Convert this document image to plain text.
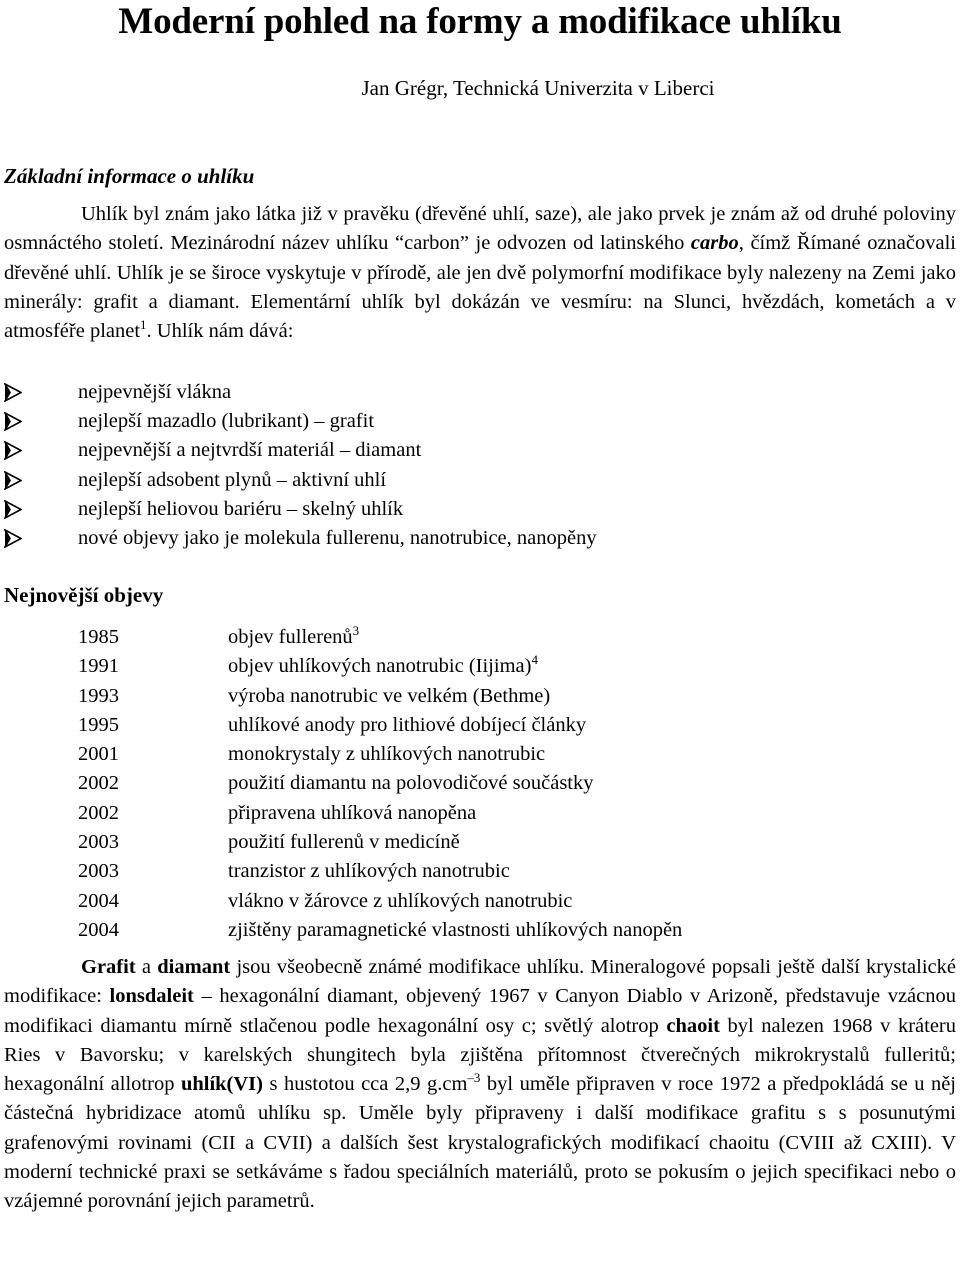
Moderní pohled na formy a modifikace uhlíku
Jan Grégr, Technická Univerzita v Liberci
Základní informace o uhlíku

Uhlík byl znám jako látka již v pravěku (dřevěné uhlí, saze), ale jako prvek je znám až od druhé poloviny osmnáctého století. Mezinárodní název uhlíku “carbon” je odvozen od latinského carbo, čímž Římané označovali dřevěné uhlí. Uhlík je se široce vyskytuje v přírodě, ale jen dvě polymorfní modifikace byly nalezeny na Zemi jako minerály: grafit a diamant. Elementární uhlík byl dokázán ve vesmíru: na Slunci, hvězdách, kometách a v atmosféře planet$^1$. Uhlík nám dává:

nejpevnější vlákna
nejlepší mazadlo (lubrikant) – grafit
nejpevnější a nejtvrdší materiál – diamant
nejlepší adsobent plynů – aktivní uhlí
nejlepší heliovou bariéru – skelný uhlík
nové objevy jako je molekula fullerenu, nanotrubice, nanopěny
Nejnovější objevy
1985	objev fullerenů$^3$
1991	objev uhlíkových nanotrubic (Iijima)$^4$
1993	výroba nanotrubic ve velkém (Bethme)
1995	uhlíkové anody pro lithiové dobíjecí články
2001	monokrystaly z uhlíkových nanotrubic
2002	použití diamantu na polovodičové součástky
2002	připravena uhlíková nanopěna
2003	použití fullerenů v medicíně
2003	tranzistor z uhlíkových nanotrubic
2004	vlákno v žárovce z uhlíkových nanotrubic
2004	zjištěny paramagnetické vlastnosti uhlíkových nanopěn

Grafit a diamant jsou všeobecně známé modifikace uhlíku. Mineralogové popsali ještě další krystalické modifikace: lonsdaleit – hexagonální diamant, objevený 1967 v Canyon Diablo v Arizoně, představuje vzácnou modifikaci diamantu mírně stlačenou podle hexagonální osy c; světlý alotrop chaoit byl nalezen 1968 v kráteru Ries v Bavorsku; v karelských shungitech byla zjištěna přítomnost čtverečných mikrokrystalů fulleritů; hexagonální allotrop uhlík(VI) s hustotou cca 2,9 $g.cm^{-3}$ byl uměle připraven v roce 1972 a předpokládá se u něj částečná hybridizace atomů uhlíku sp. Uměle byly připraveny i další modifikace grafitu s s posunutými grafenovými rovinami (CII a CVII) a dalších šest krystalografických modifikací chaoitu (CVIII až CXIII). V moderní technické praxi se setkáváme s řadou speciálních materiálů, proto se pokusím o jejich specifikaci nebo o vzájemné porovnání jejich parametrů.
